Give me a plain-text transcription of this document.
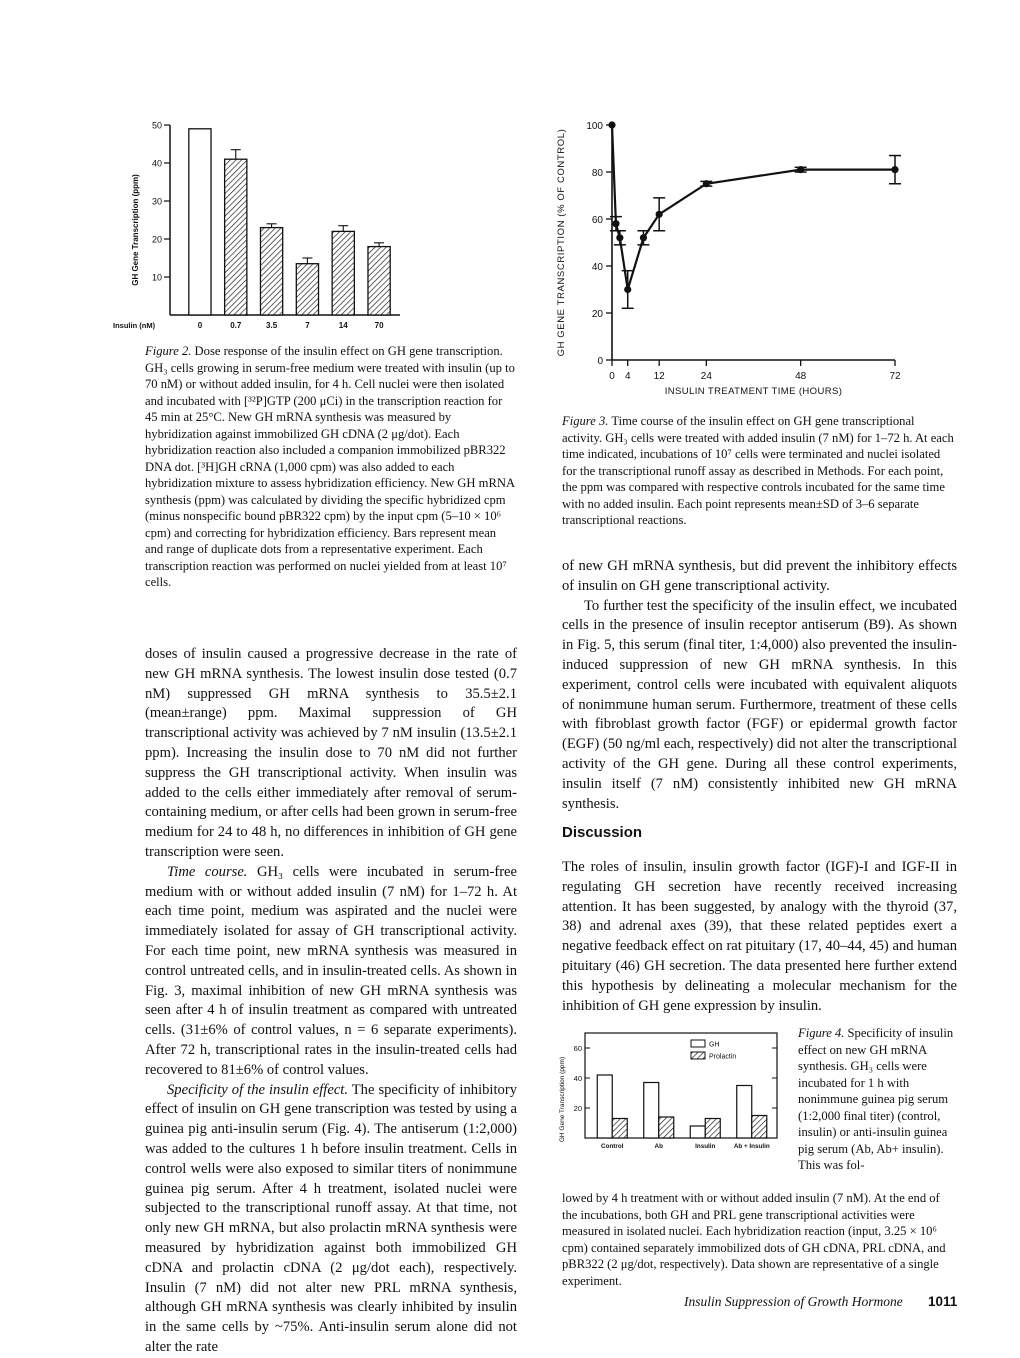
10
20
30
40
50
GH Gene Transcription (ppm)
Insulin (nM)	0	0.7	3.5	7	14	70
Figure 2. Dose response of the insulin effect on GH gene transcription. GH₃ cells growing in serum-free medium were treated with insulin (up to 70 nM) or without added insulin, for 4 h. Cell nuclei were then isolated and incubated with [³²P]GTP (200 μCi) in the transcription reaction for 45 min at 25°C. New GH mRNA synthesis was measured by hybridization against immobilized GH cDNA (2 μg/dot). Each hybridization reaction also included a companion immobilized pBR322 DNA dot. [³H]GH cRNA (1,000 cpm) was also added to each hybridization mixture to assess hybridization efficiency. New GH mRNA synthesis (ppm) was calculated by dividing the specific hybridized cpm (minus nonspecific bound pBR322 cpm) by the input cpm (5–10 × 10⁶ cpm) and correcting for hybridization efficiency. Bars represent mean and range of duplicate dots from a representative experiment. Each transcription reaction was performed on nuclei yielded from at least 10⁷ cells.
0
20
40
60
80
100
0 4 12	24	48	72
GH GENE TRANSCRIPTION (% OF CONTROL)
INSULIN TREATMENT TIME (HOURS)
Figure 3. Time course of the insulin effect on GH gene transcriptional activity. GH₃ cells were treated with added insulin (7 nM) for 1–72 h. At each time indicated, incubations of 10⁷ cells were terminated and nuclei isolated for the transcriptional runoff assay as described in Methods. For each point, the ppm was compared with respective controls incubated for the same time with no added insulin. Each point represents mean±SD of 3–6 separate transcriptional reactions.

doses of insulin caused a progressive decrease in the rate of new GH mRNA synthesis. The lowest insulin dose tested (0.7 nM) suppressed GH mRNA synthesis to 35.5±2.1 (mean±range) ppm. Maximal suppression of GH transcriptional activity was achieved by 7 nM insulin (13.5±2.1 ppm). Increasing the insulin dose to 70 nM did not further suppress the GH transcriptional activity. When insulin was added to the cells either immediately after removal of serum-containing medium, or after cells had been grown in serum-free medium for 24 to 48 h, no differences in inhibition of GH gene transcription were seen.

Time course. GH₃ cells were incubated in serum-free medium with or without added insulin (7 nM) for 1–72 h. At each time point, medium was aspirated and the nuclei were immediately isolated for assay of GH transcriptional activity. For each time point, new mRNA synthesis was measured in control untreated cells, and in insulin-treated cells. As shown in Fig. 3, maximal inhibition of new GH mRNA synthesis was seen after 4 h of insulin treatment as compared with untreated cells. (31±6% of control values, n = 6 separate experiments). After 72 h, transcriptional rates in the insulin-treated cells had recovered to 81±6% of control values.

Specificity of the insulin effect. The specificity of inhibitory effect of insulin on GH gene transcription was tested by using a guinea pig anti-insulin serum (Fig. 4). The antiserum (1:2,000) was added to the cultures 1 h before insulin treatment. Cells in control wells were also exposed to similar titers of nonimmune guinea pig serum. After 4 h treatment, isolated nuclei were subjected to the transcriptional runoff assay. At that time, not only new GH mRNA, but also prolactin mRNA synthesis were measured by hybridization against both immobilized GH cDNA and prolactin cDNA (2 μg/dot each), respectively. Insulin (7 nM) did not alter new PRL mRNA synthesis, although GH mRNA synthesis was clearly inhibited by insulin in the same cells by ~75%. Anti-insulin serum alone did not alter the rate

of new GH mRNA synthesis, but did prevent the inhibitory effects of insulin on GH gene transcriptional activity.

To further test the specificity of the insulin effect, we incubated cells in the presence of insulin receptor antiserum (B9). As shown in Fig. 5, this serum (final titer, 1:4,000) also prevented the insulin-induced suppression of new GH mRNA synthesis. In this experiment, control cells were incubated with equivalent aliquots of nonimmune human serum. Furthermore, treatment of these cells with fibroblast growth factor (FGF) or epidermal growth factor (EGF) (50 ng/ml each, respectively) did not alter the transcriptional activity of the GH gene. During all these control experiments, insulin itself (7 nM) consistently inhibited new GH mRNA synthesis.

Discussion

The roles of insulin, insulin growth factor (IGF)-I and IGF-II in regulating GH secretion have recently received increasing attention. It has been suggested, by analogy with the thyroid (37, 38) and adrenal axes (39), that these related peptides exert a negative feedback effect on rat pituitary (17, 40–44, 45) and human pituitary (46) GH secretion. The data presented here further extend this hypothesis by delineating a molecular mechanism for the inhibition of GH gene expression by insulin.

20
40
60
GH Gene Transcription (ppm)
GH
Prolactin
Control	Ab	Insulin	Ab + Insulin
Figure 4. Specificity of insulin effect on new GH mRNA synthesis. GH₃ cells were incubated for 1 h with nonimmune guinea pig serum (1:2,000 final titer) (control, insulin) or anti-insulin guinea pig serum (Ab, Ab+ insulin). This was fol-
lowed by 4 h treatment with or without added insulin (7 nM). At the end of the incubations, both GH and PRL gene transcriptional activities were measured in isolated nuclei. Each hybridization reaction (input, 3.25 × 10⁶ cpm) contained separately immobilized dots of GH cDNA, PRL cDNA, and pBR322 (2 μg/dot, respectively). Data shown are representative of a single experiment.
Insulin Suppression of Growth Hormone 1011
